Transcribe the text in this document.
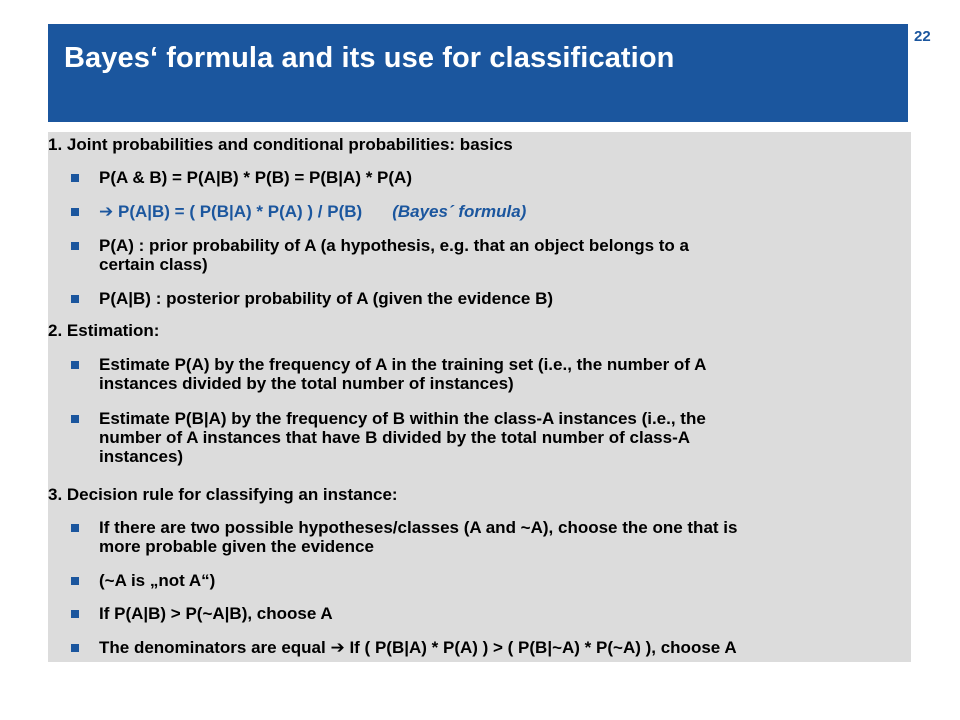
Bayes‘ formula and its use for classification
22
1. Joint probabilities and conditional probabilities: basics
P(A & B) = P(A|B) * P(B) = P(B|A) * P(A)
➔ P(A|B) = ( P(B|A) * P(A) ) / P(B) (Bayes´ formula)
P(A) : prior probability of A (a hypothesis, e.g. that an object belongs to a
certain class)
P(A|B) : posterior probability of A (given the evidence B)
2. Estimation:
Estimate P(A) by the frequency of A in the training set (i.e., the number of A
instances divided by the total number of instances)
Estimate P(B|A) by the frequency of B within the class-A instances (i.e., the
number of A instances that have B divided by the total number of class-A
instances)
3. Decision rule for classifying an instance:
If there are two possible hypotheses/classes (A and ~A), choose the one that is
more probable given the evidence
(~A is „not A“)
If P(A|B) > P(~A|B), choose A
The denominators are equal ➔ If ( P(B|A) * P(A) ) > ( P(B|~A) * P(~A) ), choose A
